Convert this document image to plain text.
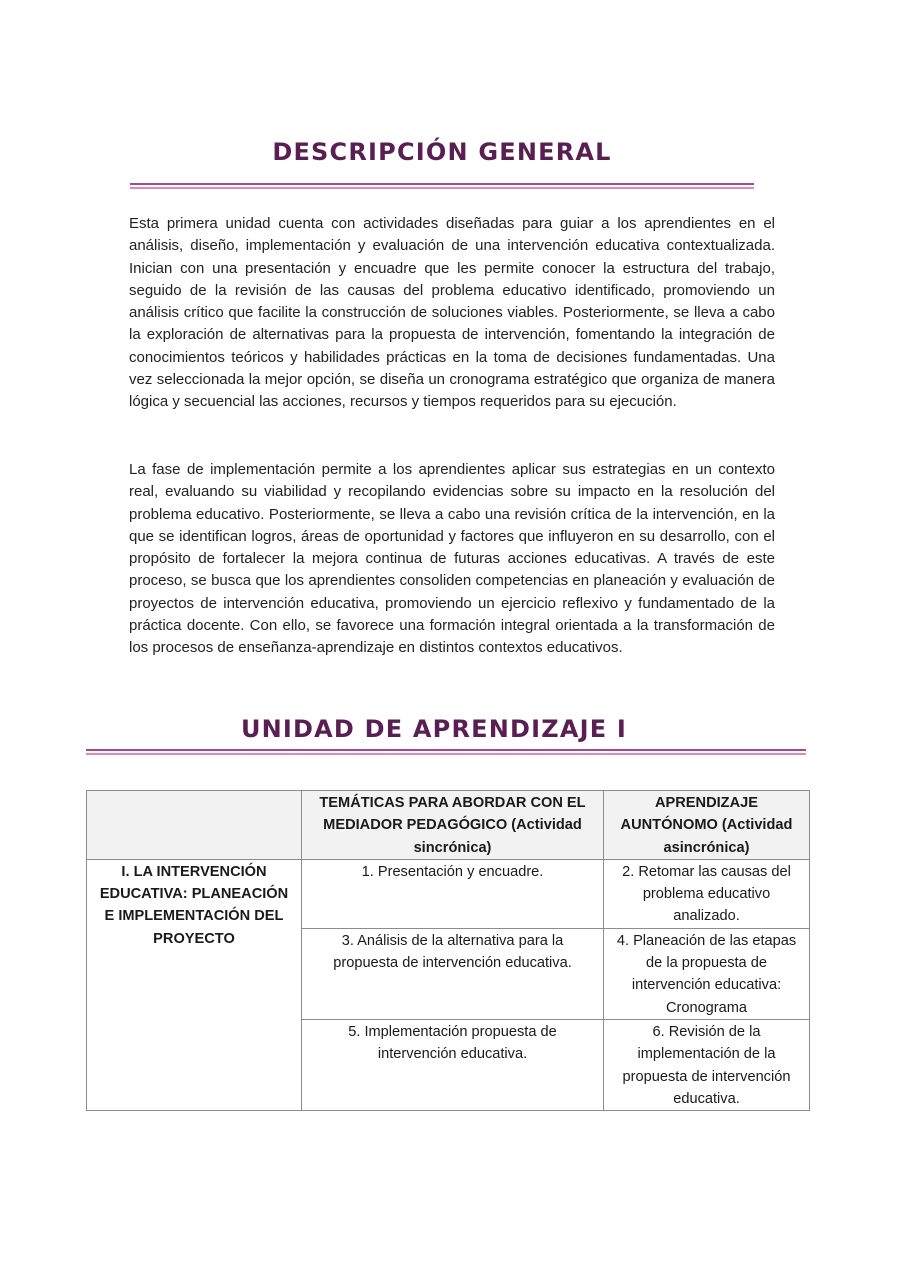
DESCRIPCIÓN GENERAL

Esta primera unidad cuenta con actividades diseñadas para guiar a los aprendientes en el análisis, diseño, implementación y evaluación de una intervención educativa contextualizada. Inician con una presentación y encuadre que les permite conocer la estructura del trabajo, seguido de la revisión de las causas del problema educativo identificado, promoviendo un análisis crítico que facilite la construcción de soluciones viables. Posteriormente, se lleva a cabo la exploración de alternativas para la propuesta de intervención, fomentando la integración de conocimientos teóricos y habilidades prácticas en la toma de decisiones fundamentadas. Una vez seleccionada la mejor opción, se diseña un cronograma estratégico que organiza de manera lógica y secuencial las acciones, recursos y tiempos requeridos para su ejecución.

La fase de implementación permite a los aprendientes aplicar sus estrategias en un contexto real, evaluando su viabilidad y recopilando evidencias sobre su impacto en la resolución del problema educativo. Posteriormente, se lleva a cabo una revisión crítica de la intervención, en la que se identifican logros, áreas de oportunidad y factores que influyeron en su desarrollo, con el propósito de fortalecer la mejora continua de futuras acciones educativas. A través de este proceso, se busca que los aprendientes consoliden competencias en planeación y evaluación de proyectos de intervención educativa, promoviendo un ejercicio reflexivo y fundamentado de la práctica docente. Con ello, se favorece una formación integral orientada a la transformación de los procesos de enseñanza-aprendizaje en distintos contextos educativos.

UNIDAD DE APRENDIZAJE I
	TEMÁTICAS PARA ABORDAR CON EL MEDIADOR PEDAGÓGICO (Actividad sincrónica)	APRENDIZAJE AUNTÓNOMO (Actividad asincrónica)
I. LA INTERVENCIÓN EDUCATIVA: PLANEACIÓN E IMPLEMENTACIÓN DEL PROYECTO	1. Presentación y encuadre.	2. Retomar las causas del problema educativo analizado.
	3. Análisis de la alternativa para la propuesta de intervención educativa.	4. Planeación de las etapas de la propuesta de intervención educativa: Cronograma
	5. Implementación propuesta de intervención educativa.	6. Revisión de la implementación de la propuesta de intervención educativa.
